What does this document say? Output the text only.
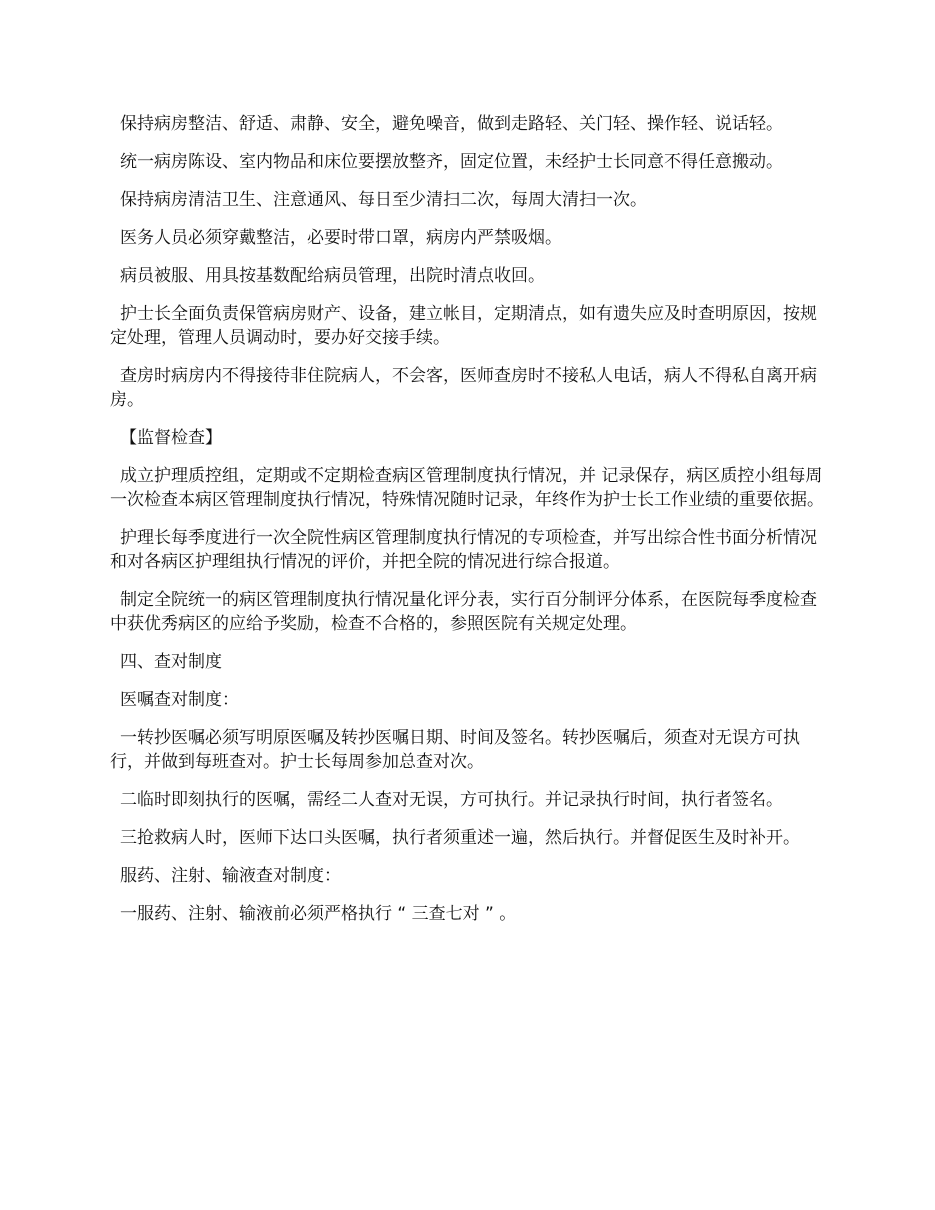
保持病房整洁、舒适、肃静、安全，避免噪音，做到走路轻、关门轻、操作轻、说话轻。

统一病房陈设、室内物品和床位要摆放整齐，固定位置，未经护士长同意不得任意搬动。

保持病房清洁卫生、注意通风、每日至少清扫二次，每周大清扫一次。

医务人员必须穿戴整洁，必要时带口罩，病房内严禁吸烟。

病员被服、用具按基数配给病员管理，出院时清点收回。

护士长全面负责保管病房财产、设备，建立帐目，定期清点，如有遗失应及时查明原因，按规定处理，管理人员调动时，要办好交接手续。

查房时病房内不得接待非住院病人，不会客，医师查房时不接私人电话，病人不得私自离开病房。

【监督检查】

成立护理质控组，定期或不定期检查病区管理制度执行情况，并 记录保存，病区质控小组每周一次检查本病区管理制度执行情况，特殊情况随时记录，年终作为护士长工作业绩的重要依据。

护理长每季度进行一次全院性病区管理制度执行情况的专项检查，并写出综合性书面分析情况和对各病区护理组执行情况的评价，并把全院的情况进行综合报道。

制定全院统一的病区管理制度执行情况量化评分表，实行百分制评分体系，在医院每季度检查中获优秀病区的应给予奖励，检查不合格的，参照医院有关规定处理。

四、查对制度

医嘱查对制度：

一转抄医嘱必须写明原医嘱及转抄医嘱日期、时间及签名。转抄医嘱后，须查对无误方可执行，并做到每班查对。护士长每周参加总查对次。

二临时即刻执行的医嘱，需经二人查对无误，方可执行。并记录执行时间，执行者签名。

三抢救病人时，医师下达口头医嘱，执行者须重述一遍，然后执行。并督促医生及时补开。

服药、注射、输液查对制度：

一服药、注射、输液前必须严格执行 “ 三查七对 ” 。
